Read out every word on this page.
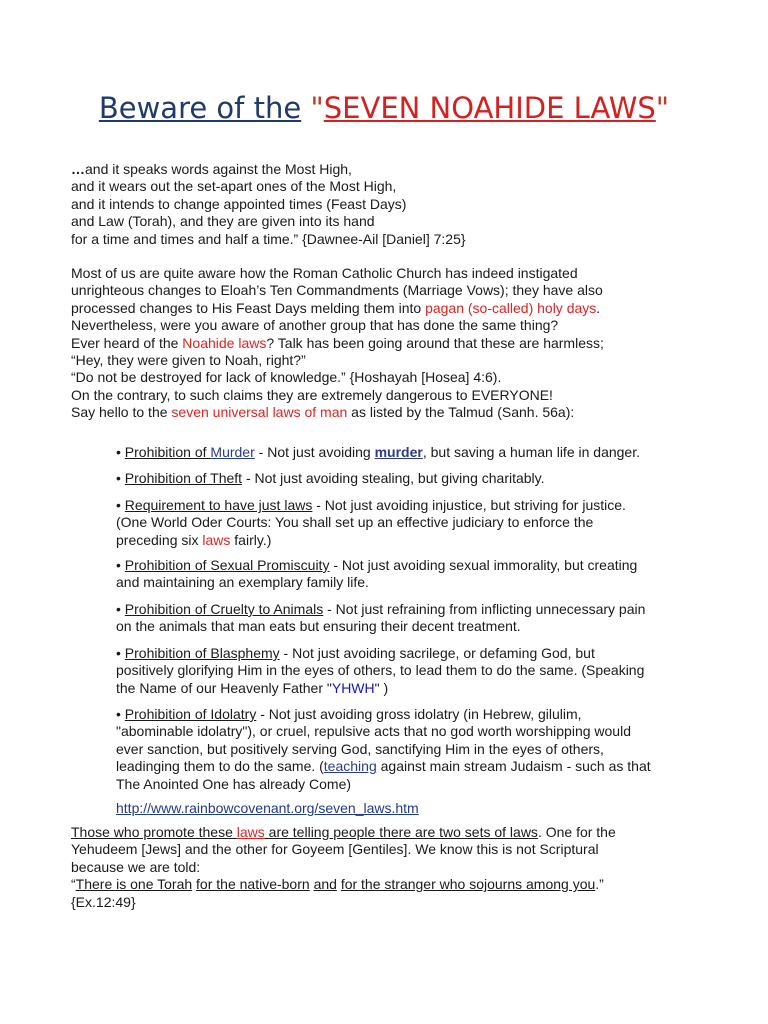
Beware of the "SEVEN NOAHIDE LAWS"
…and it speaks words against the Most High,
and it wears out the set-apart ones of the Most High,
and it intends to change appointed times (Feast Days)
and Law (Torah), and they are given into its hand
for a time and times and half a time.” {Dawnee-Ail [Daniel] 7:25}
Most of us are quite aware how the Roman Catholic Church has indeed instigated
unrighteous changes to Eloah’s Ten Commandments (Marriage Vows); they have also
processed changes to His Feast Days melding them into pagan (so-called) holy days.
Nevertheless, were you aware of another group that has done the same thing?
Ever heard of the Noahide laws? Talk has been going around that these are harmless;
“Hey, they were given to Noah, right?”
“Do not be destroyed for lack of knowledge.” {Hoshayah [Hosea] 4:6).
On the contrary, to such claims they are extremely dangerous to EVERYONE!
Say hello to the seven universal laws of man as listed by the Talmud (Sanh. 56a):
• Prohibition of Murder - Not just avoiding murder, but saving a human life in danger.
• Prohibition of Theft - Not just avoiding stealing, but giving charitably.
• Requirement to have just laws - Not just avoiding injustice, but striving for justice.
(One World Oder Courts: You shall set up an effective judiciary to enforce the
preceding six laws fairly.)
• Prohibition of Sexual Promiscuity - Not just avoiding sexual immorality, but creating
and maintaining an exemplary family life.
• Prohibition of Cruelty to Animals - Not just refraining from inflicting unnecessary pain
on the animals that man eats but ensuring their decent treatment.
• Prohibition of Blasphemy - Not just avoiding sacrilege, or defaming God, but
positively glorifying Him in the eyes of others, to lead them to do the same. (Speaking
the Name of our Heavenly Father "YHWH" )
• Prohibition of Idolatry - Not just avoiding gross idolatry (in Hebrew, gilulim,
"abominable idolatry"), or cruel, repulsive acts that no god worth worshipping would
ever sanction, but positively serving God, sanctifying Him in the eyes of others,
leadinging them to do the same. (teaching against main stream Judaism - such as that
The Anointed One has already Come)
http://www.rainbowcovenant.org/seven_laws.htm
Those who promote these laws are telling people there are two sets of laws. One for the
Yehudeem [Jews] and the other for Goyeem [Gentiles]. We know this is not Scriptural
because we are told:
“There is one Torah for the native-born and for the stranger who sojourns among you.”
{Ex.12:49}
